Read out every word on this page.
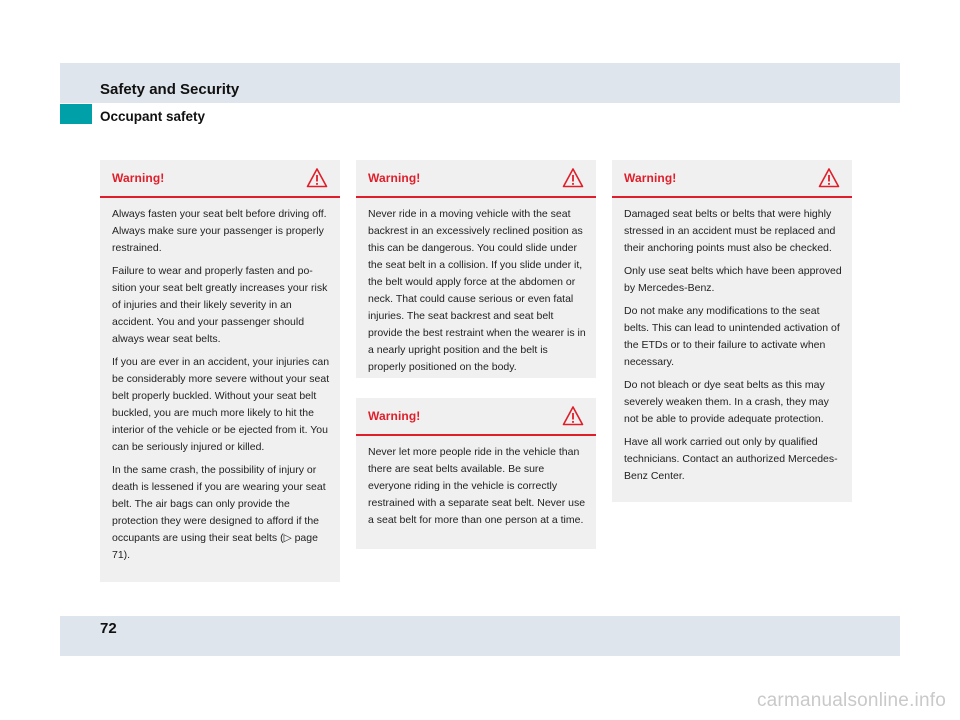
Safety and Security
Occupant safety
Warning!

Always fasten your seat belt before driving off. Always make sure your passenger is properly restrained.

Failure to wear and properly fasten and po-sition your seat belt greatly increases your risk of injuries and their likely severity in an accident. You and your passenger should always wear seat belts.

If you are ever in an accident, your injuries can be considerably more severe without your seat belt properly buckled. Without your seat belt buckled, you are much more likely to hit the interior of the vehicle or be ejected from it. You can be seriously injured or killed.

In the same crash, the possibility of injury or death is lessened if you are wearing your seat belt. The air bags can only provide the protection they were designed to afford if the occupants are using their seat belts (▷ page 71).

Warning!

Never ride in a moving vehicle with the seat backrest in an excessively reclined position as this can be dangerous. You could slide under the seat belt in a collision. If you slide under it, the belt would apply force at the abdomen or neck. That could cause serious or even fatal injuries. The seat backrest and seat belt provide the best restraint when the wearer is in a nearly upright position and the belt is properly positioned on the body.

Warning!

Never let more people ride in the vehicle than there are seat belts available. Be sure everyone riding in the vehicle is correctly restrained with a separate seat belt. Never use a seat belt for more than one person at a time.

Warning!

Damaged seat belts or belts that were highly stressed in an accident must be replaced and their anchoring points must also be checked.

Only use seat belts which have been approved by Mercedes-Benz.

Do not make any modifications to the seat belts. This can lead to unintended activation of the ETDs or to their failure to activate when necessary.

Do not bleach or dye seat belts as this may severely weaken them. In a crash, they may not be able to provide adequate protection.

Have all work carried out only by qualified technicians. Contact an authorized Mercedes-Benz Center.

72
carmanualsonline.info
